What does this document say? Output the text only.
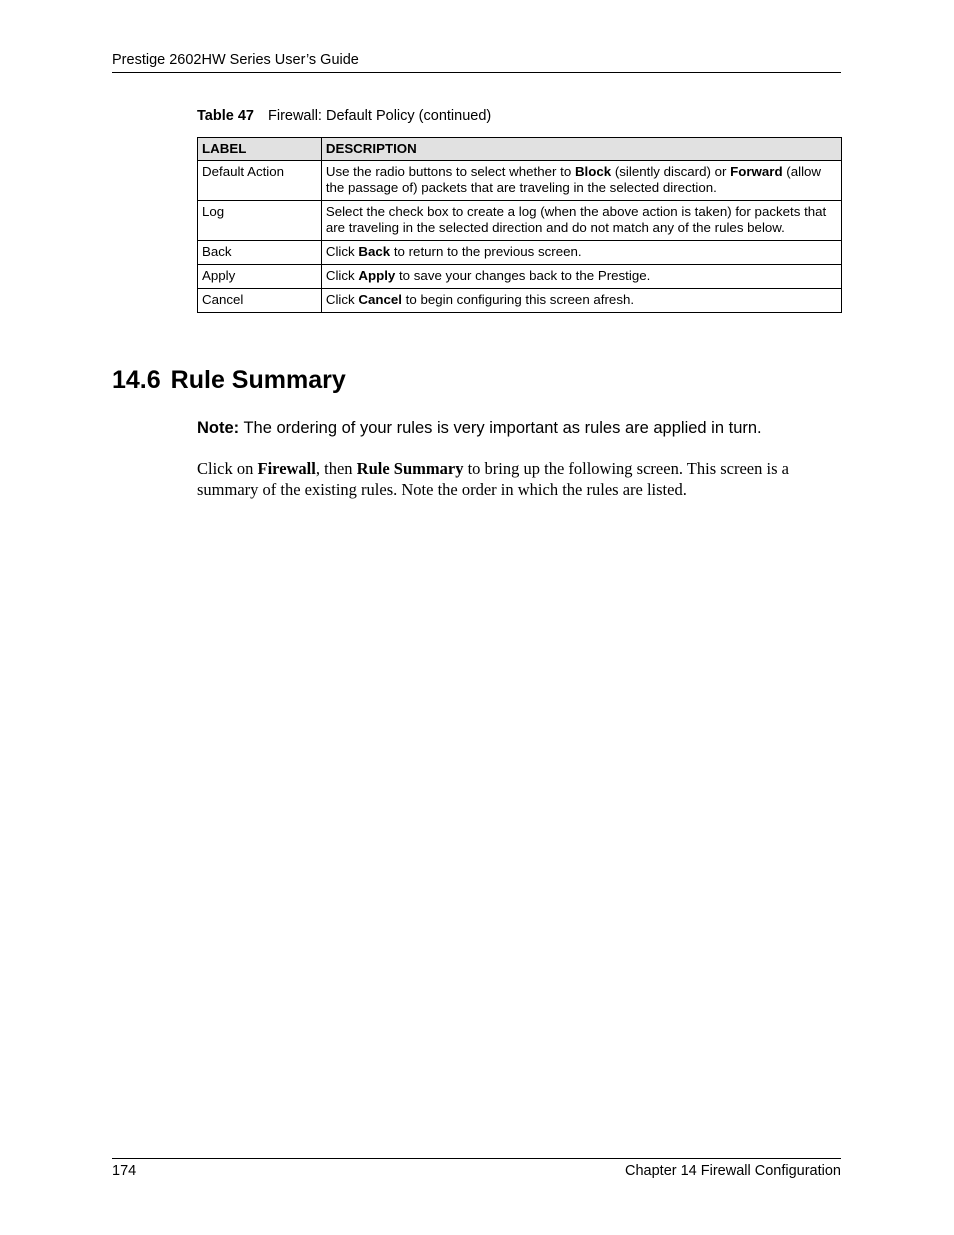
Prestige 2602HW Series User’s Guide
Table 47 Firewall: Default Policy (continued)
LABEL	DESCRIPTION
Default Action	Use the radio buttons to select whether to Block (silently discard) or Forward (allow the passage of) packets that are traveling in the selected direction.
Log	Select the check box to create a log (when the above action is taken) for packets that are traveling in the selected direction and do not match any of the rules below.
Back	Click Back to return to the previous screen.
Apply	Click Apply to save your changes back to the Prestige.
Cancel	Click Cancel to begin configuring this screen afresh.
14.6 Rule Summary

Note: The ordering of your rules is very important as rules are applied in turn.

Click on Firewall, then Rule Summary to bring up the following screen. This screen is a summary of the existing rules. Note the order in which the rules are listed.

174	Chapter 14 Firewall Configuration
